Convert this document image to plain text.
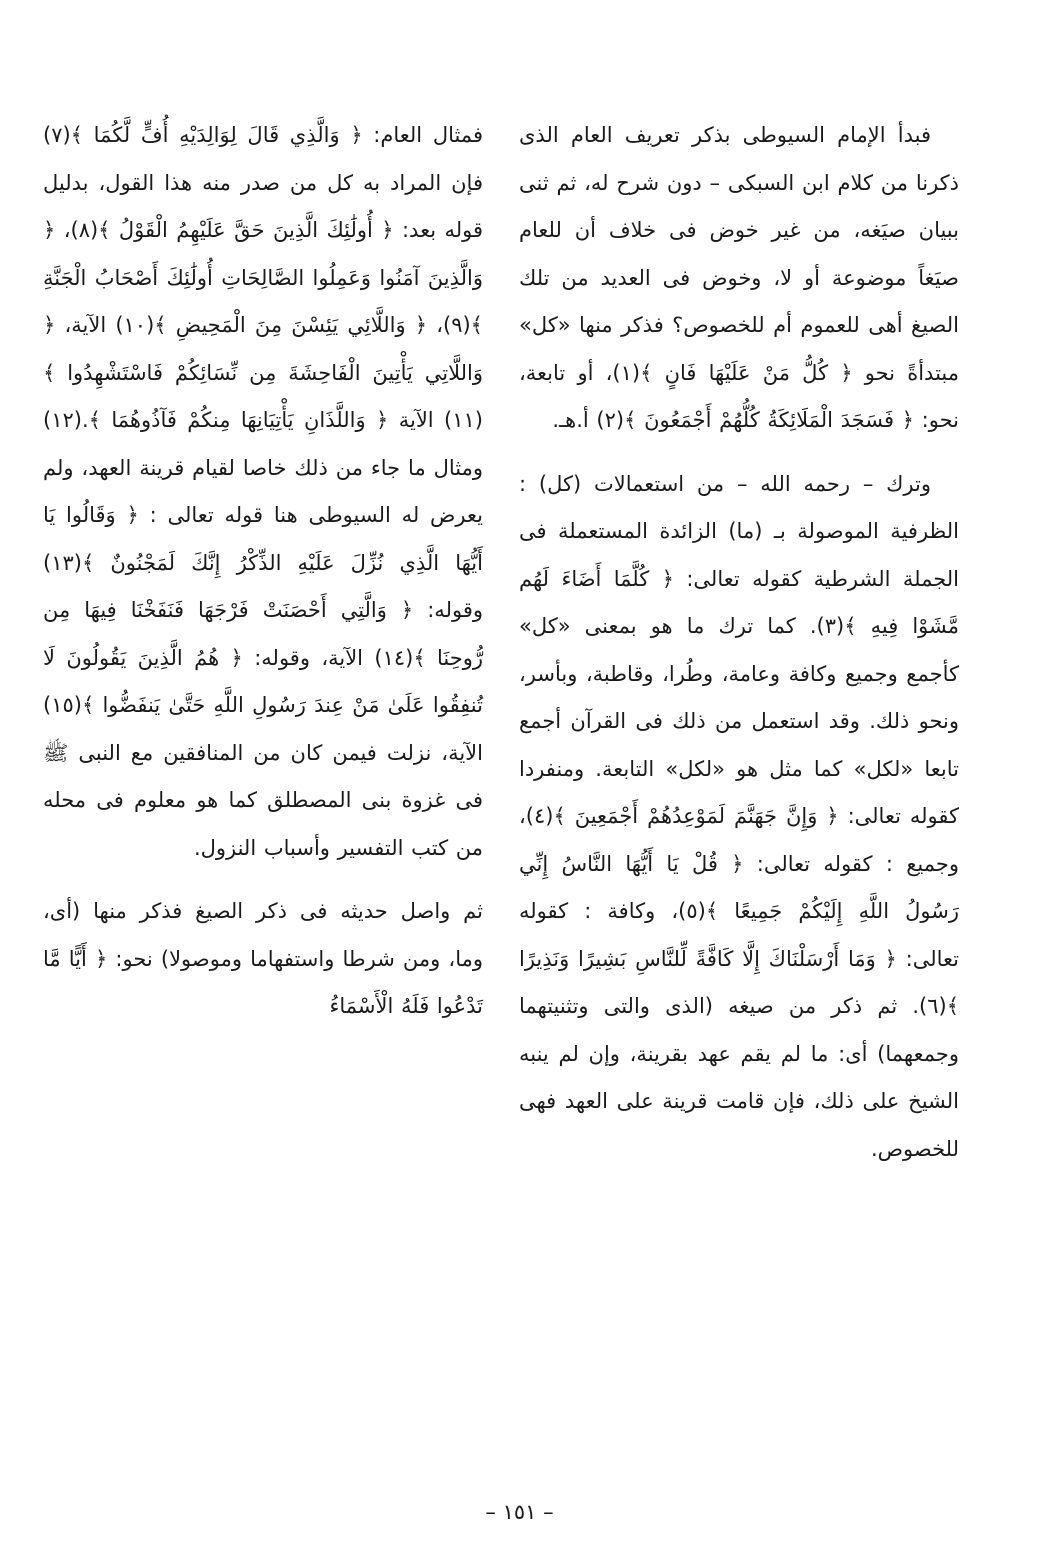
فبدأ الإمام السيوطى بذكر تعريف العام الذى ذكرنا من كلام ابن السبكى – دون شرح له، ثم ثنى ببيان صيَغه، من غير خوض فى خلاف أن للعام صيَغاً موضوعة أو لا، وخوض فى العديد من تلك الصيغ أهى للعموم أم للخصوص؟ فذكر منها «كل» مبتدأةً نحو ﴿ كُلُّ مَنْ عَلَيْهَا فَانٍ ﴾(١)، أو تابعة، نحو: ﴿ فَسَجَدَ الْمَلَائِكَةُ كُلُّهُمْ أَجْمَعُونَ ﴾(٢) أ.هـ.

وترك – رحمه الله – من استعمالات (كل) : الظرفية الموصولة بـ (ما) الزائدة المستعملة فى الجملة الشرطية كقوله تعالى: ﴿ كُلَّمَا أَضَاءَ لَهُم مَّشَوْا فِيهِ ﴾(٣). كما ترك ما هو بمعنى «كل» كأجمع وجميع وكافة وعامة، وطُرا، وقاطبة، وبأسر، ونحو ذلك. وقد استعمل من ذلك فى القرآن أجمع تابعا «لكل» كما مثل هو «لكل» التابعة. ومنفردا كقوله تعالى: ﴿ وَإِنَّ جَهَنَّمَ لَمَوْعِدُهُمْ أَجْمَعِينَ ﴾(٤)، وجميع : كقوله تعالى: ﴿ قُلْ يَا أَيُّهَا النَّاسُ إِنِّي رَسُولُ اللَّهِ إِلَيْكُمْ جَمِيعًا ﴾(٥)، وكافة : كقوله تعالى: ﴿ وَمَا أَرْسَلْنَاكَ إِلَّا كَافَّةً لِّلنَّاسِ بَشِيرًا وَنَذِيرًا ﴾(٦). ثم ذكر من صيغه (الذى والتى وتثنيتهما وجمعهما) أى: ما لم يقم عهد بقرينة، وإن لم ينبه الشيخ على ذلك، فإن قامت قرينة على العهد فهى للخصوص.

فمثال العام: ﴿ وَالَّذِي قَالَ لِوَالِدَيْهِ أُفٍّ لَّكُمَا ﴾(٧) فإن المراد به كل من صدر منه هذا القول، بدليل قوله بعد: ﴿ أُولَٰئِكَ الَّذِينَ حَقَّ عَلَيْهِمُ الْقَوْلُ ﴾(٨)، ﴿ وَالَّذِينَ آمَنُوا وَعَمِلُوا الصَّالِحَاتِ أُولَٰئِكَ أَصْحَابُ الْجَنَّةِ ﴾(٩)، ﴿ وَاللَّائِي يَئِسْنَ مِنَ الْمَحِيضِ ﴾(١٠) الآية، ﴿ وَاللَّاتِي يَأْتِينَ الْفَاحِشَةَ مِن نِّسَائِكُمْ فَاسْتَشْهِدُوا ﴾(١١) الآية ﴿ وَاللَّذَانِ يَأْتِيَانِهَا مِنكُمْ فَآذُوهُمَا ﴾.(١٢) ومثال ما جاء من ذلك خاصا لقيام قرينة العهد، ولم يعرض له السيوطى هنا قوله تعالى : ﴿ وَقَالُوا يَا أَيُّهَا الَّذِي نُزِّلَ عَلَيْهِ الذِّكْرُ إِنَّكَ لَمَجْنُونٌ ﴾(١٣) وقوله: ﴿ وَالَّتِي أَحْصَنَتْ فَرْجَهَا فَنَفَخْنَا فِيهَا مِن رُّوحِنَا ﴾(١٤) الآية، وقوله: ﴿ هُمُ الَّذِينَ يَقُولُونَ لَا تُنفِقُوا عَلَىٰ مَنْ عِندَ رَسُولِ اللَّهِ حَتَّىٰ يَنفَضُّوا ﴾(١٥) الآية، نزلت فيمن كان من المنافقين مع النبى ﷺ فى غزوة بنى المصطلق كما هو معلوم فى محله من كتب التفسير وأسباب النزول.

ثم واصل حديثه فى ذكر الصيغ فذكر منها (أى، وما، ومن شرطا واستفهاما وموصولا) نحو: ﴿ أَيًّا مَّا تَدْعُوا فَلَهُ الْأَسْمَاءُ

– ١٥١ –
